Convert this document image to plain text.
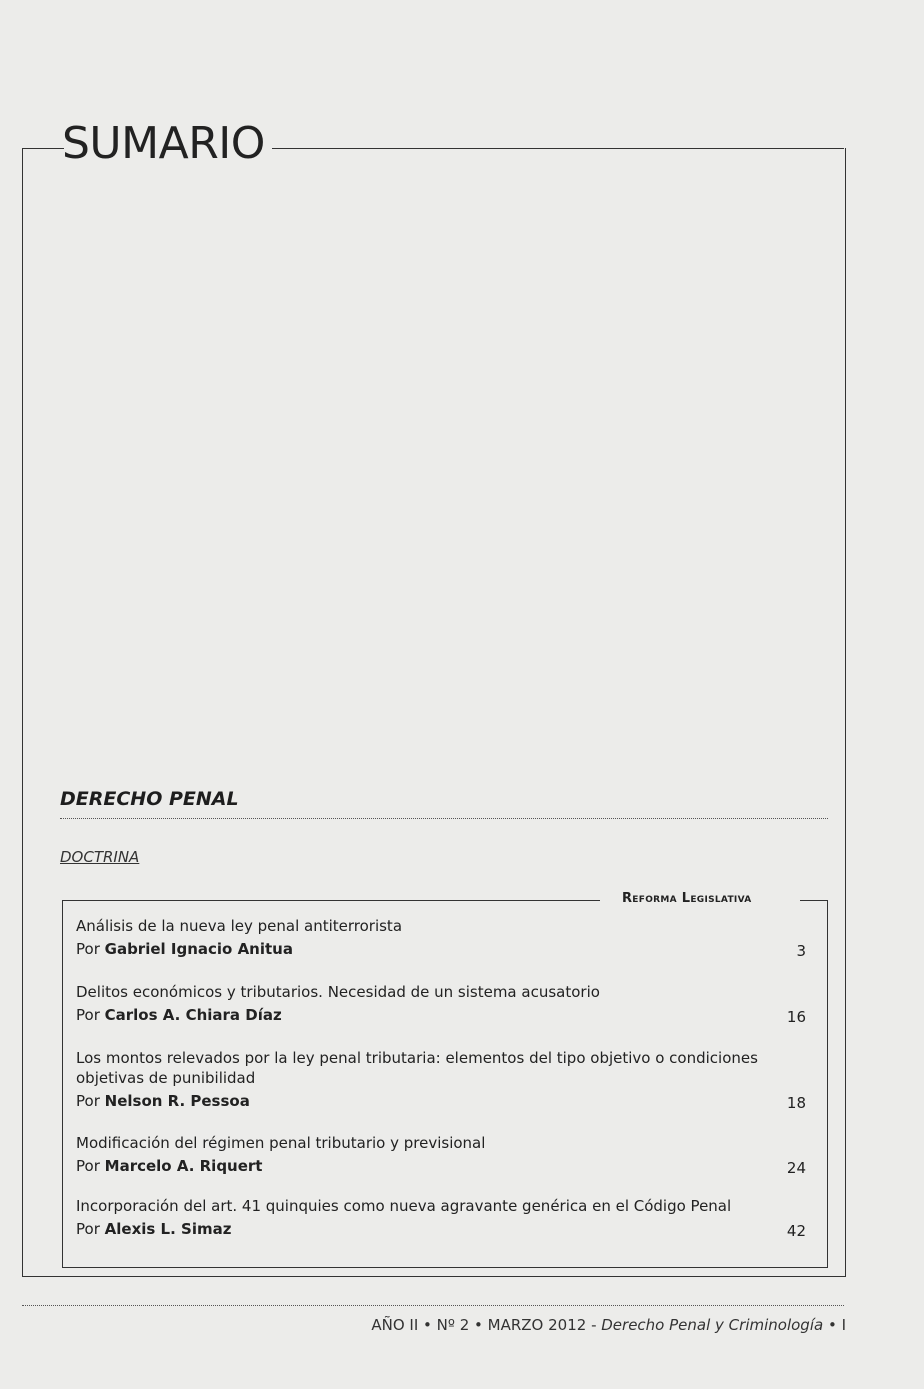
SUMARIO
DERECHO PENAL
DOCTRINA
Reforma Legislativa
Análisis de la nueva ley penal antiterrorista
Por Gabriel Ignacio Anitua	3
Delitos económicos y tributarios. Necesidad de un sistema acusatorio
Por Carlos A. Chiara Díaz	16
Los montos relevados por la ley penal tributaria: elementos del tipo objetivo o condiciones objetivas de punibilidad
Por Nelson R. Pessoa	18
Modificación del régimen penal tributario y previsional
Por Marcelo A. Riquert	24
Incorporación del art. 41 quinquies como nueva agravante genérica en el Código Penal
Por Alexis L. Simaz	42
AÑO II • Nº 2 • MARZO 2012 - Derecho Penal y Criminología • I
